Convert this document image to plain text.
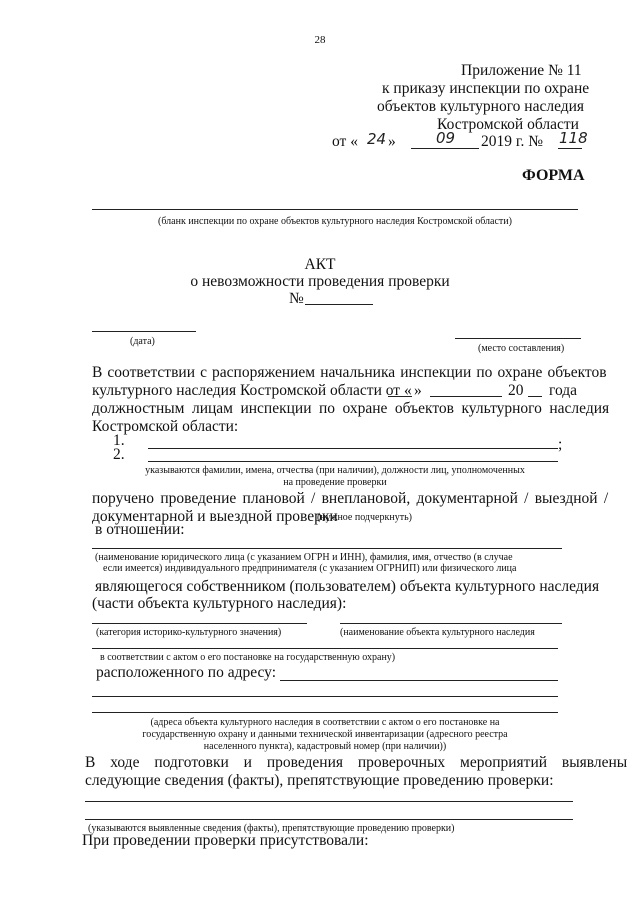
28
Приложение № 11
к приказу инспекции по охране
объектов культурного наследия
Костромской области
от « 24 »	09 2019 г. № 118
ФОРМА
(бланк инспекции по охране объектов культурного наследия Костромской области)
АКТ
о невозможности проведения проверки
№
(дата)
(место составления)
В соответствии с распоряжением начальника инспекции по охране объектов
культурного наследия Костромской области от « »	20 года
должностным лицам инспекции по охране объектов культурного наследия
Костромской области:
1.	;
2.
указываются фамилии, имена, отчества (при наличии), должности лиц, уполномоченных
на проведение проверки
поручено проведение плановой / внеплановой, документарной / выездной /
документарной и выездной проверки
(нужное подчеркнуть)
в отношении:
(наименование юридического лица (с указанием ОГРН и ИНН), фамилия, имя, отчество (в случае
если имеется) индивидуального предпринимателя (с указанием ОГРНИП) или физического лица
являющегося собственником (пользователем) объекта культурного наследия
(части объекта культурного наследия):
(категория историко-культурного значения)	(наименование объекта культурного наследия
в соответствии с актом о его постановке на государственную охрану)
расположенного по адресу:
(адреса объекта культурного наследия в соответствии с актом о его постановке на
государственную охрану и данными технической инвентаризации (адресного реестра
населенного пункта), кадастровый номер (при наличии))
В ходе подготовки и проведения проверочных мероприятий выявлены
следующие сведения (факты), препятствующие проведению проверки:
(указываются выявленные сведения (факты), препятствующие проведению проверки)
При проведении проверки присутствовали:
